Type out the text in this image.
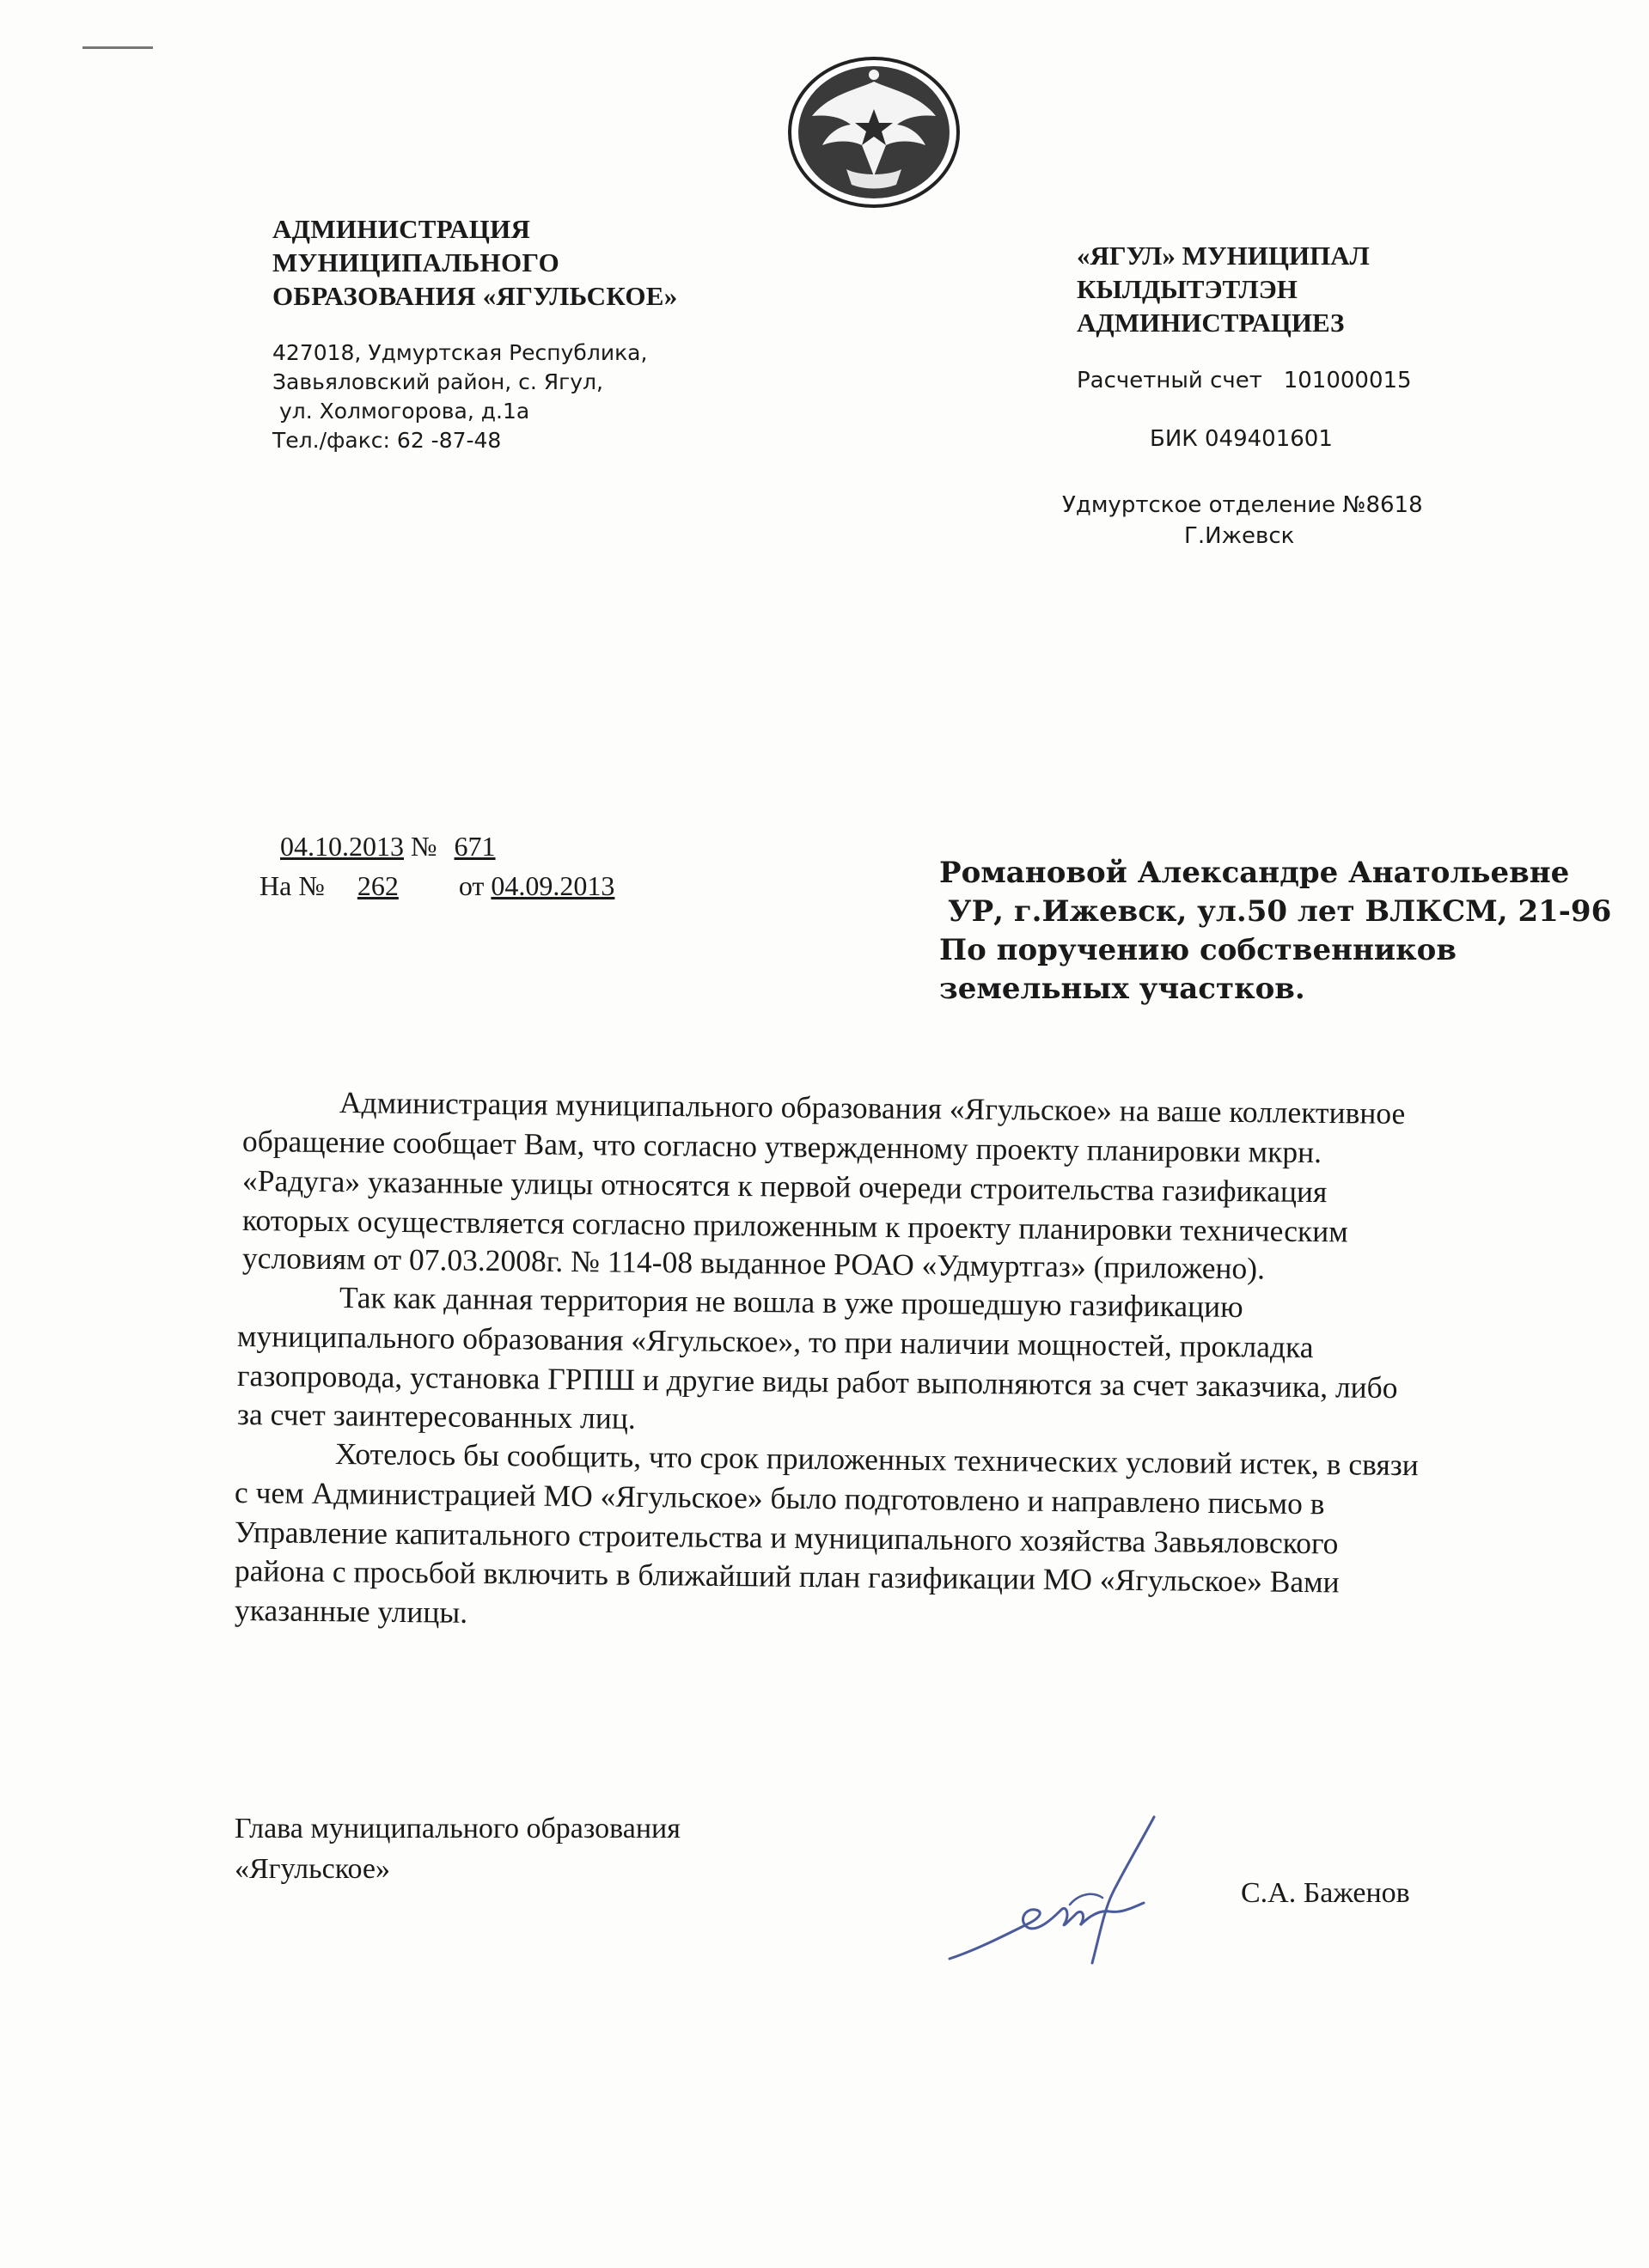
АДМИНИСТРАЦИЯ
МУНИЦИПАЛЬНОГО
ОБРАЗОВАНИЯ «ЯГУЛЬСКОЕ»
427018, Удмуртская Республика,
Завьяловский район, с. Ягул,
ул. Холмогорова, д.1а
Тел./факс: 62 -87-48
«ЯГУЛ» МУНИЦИПАЛ
КЫЛДЫТЭТЛЭН
АДМИНИСТРАЦИЕЗ
Расчетный счет   101000015
БИК 049401601
Удмуртское отделение №8618
Г.Ижевск
04.10.2013 № 671
На № 262 от 04.09.2013	Романовой Александре Анатольевне
УР, г.Ижевск, ул.50 лет ВЛКСМ, 21-96
По поручению собственников
земельных участков.
Администрация муниципального образования «Ягульское» на ваше коллективное
обращение сообщает Вам, что согласно утвержденному проекту планировки мкрн.
«Радуга» указанные улицы относятся к первой очереди строительства газификация
которых осуществляется согласно приложенным к проекту планировки техническим
условиям от 07.03.2008г. № 114-08 выданное РОАО «Удмуртгаз» (приложено).
Так как данная территория не вошла в уже прошедшую газификацию
муниципального образования «Ягульское», то при наличии мощностей, прокладка
газопровода, установка ГРПШ и другие виды работ выполняются за счет заказчика, либо
за счет заинтересованных лиц.
Хотелось бы сообщить, что срок приложенных технических условий истек, в связи
с чем Администрацией МО «Ягульское» было подготовлено и направлено письмо в
Управление капитального строительства и муниципального хозяйства Завьяловского
района с просьбой включить в ближайший план газификации МО «Ягульское» Вами
указанные улицы.
Глава муниципального образования
«Ягульское»
С.А. Баженов
